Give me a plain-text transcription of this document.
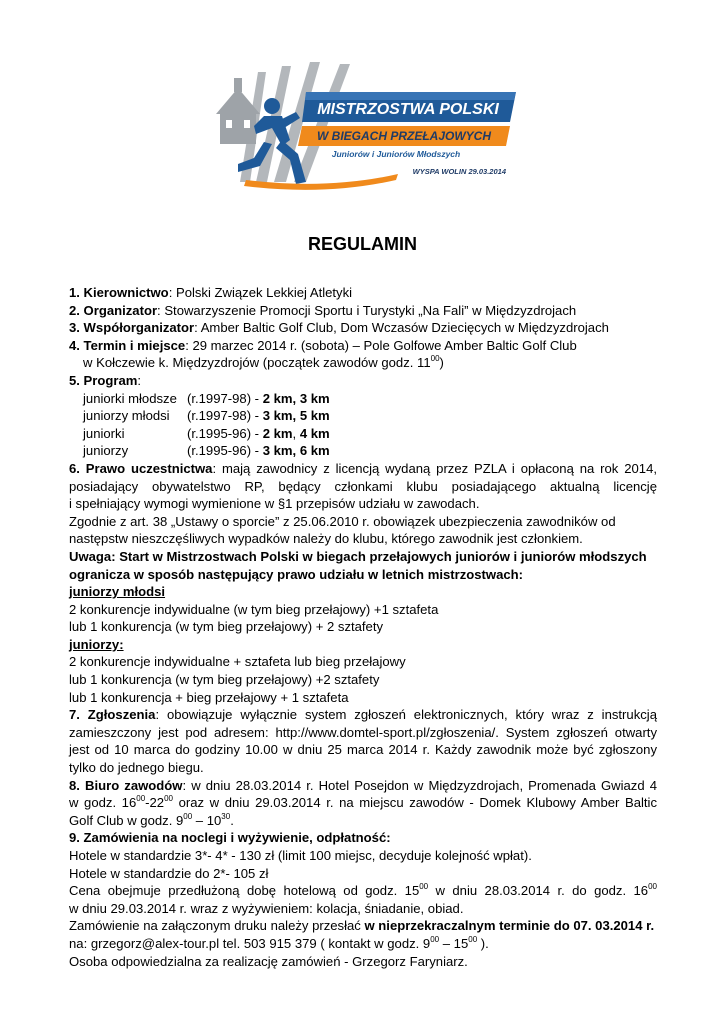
MISTRZOSTWA POLSKI
W BIEGACH PRZEŁAJOWYCH
Juniorów i Juniorów Młodszych
WYSPA WOLIN 29.03.2014
REGULAMIN
1. Kierownictwo: Polski Związek Lekkiej Atletyki
2. Organizator: Stowarzyszenie Promocji Sportu i Turystyki „Na Fali” w Międzyzdrojach
3. Współorganizator: Amber Baltic Golf Club, Dom Wczasów Dziecięcych w Międzyzdrojach
4. Termin i miejsce: 29 marzec 2014 r. (sobota) – Pole Golfowe Amber Baltic Golf Club
w Kołczewie k. Międzyzdrojów (początek zawodów godz. $11^{00}$)
5. Program:
juniorki młodsze (r.1997-98) - 2 km, 3 km
juniorzy młodsi (r.1997-98) - 3 km, 5 km
juniorki	(r.1995-96) - 2 km, 4 km
juniorzy	(r.1995-96) - 3 km, 6 km
6. Prawo uczestnictwa: mają zawodnicy z licencją wydaną przez PZLA i opłaconą na rok 2014,
posiadający obywatelstwo RP, będący członkami klubu posiadającego aktualną licencję
i spełniający wymogi wymienione w §1 przepisów udziału w zawodach.
Zgodnie z art. 38 „Ustawy o sporcie” z 25.06.2010 r. obowiązek ubezpieczenia zawodników od
następstw nieszczęśliwych wypadków należy do klubu, którego zawodnik jest członkiem.
Uwaga: Start w Mistrzostwach Polski w biegach przełajowych juniorów i juniorów młodszych
ogranicza w sposób następujący prawo udziału w letnich mistrzostwach:
juniorzy młodsi
2 konkurencje indywidualne (w tym bieg przełajowy) +1 sztafeta
lub 1 konkurencja (w tym bieg przełajowy) + 2 sztafety
juniorzy:
2 konkurencje indywidualne + sztafeta lub bieg przełajowy
lub 1 konkurencja (w tym bieg przełajowy) +2 sztafety
lub 1 konkurencja + bieg przełajowy + 1 sztafeta
7. Zgłoszenia: obowiązuje wyłącznie system zgłoszeń elektronicznych, który wraz z instrukcją
zamieszczony jest pod adresem: http://www.domtel-sport.pl/zgłoszenia/. System zgłoszeń otwarty
jest od 10 marca do godziny 10.00 w dniu 25 marca 2014 r. Każdy zawodnik może być zgłoszony
tylko do jednego biegu.
8. Biuro zawodów: w dniu 28.03.2014 r. Hotel Posejdon w Międzyzdrojach, Promenada Gwiazd 4
w godz. $16^{00}-22^{00}$ oraz w dniu 29.03.2014 r. na miejscu zawodów - Domek Klubowy Amber Baltic
Golf Club w godz. $9^{00} - 10^{30}$.
9. Zamówienia na noclegi i wyżywienie, odpłatność:
Hotele w standardzie 3*- 4* - 130 zł (limit 100 miejsc, decyduje kolejność wpłat).
Hotele w standardzie do 2*- 105 zł
Cena obejmuje przedłużoną dobę hotelową od godz. $15^{00}$ w dniu 28.03.2014 r. do godz. $16^{00}$
w dniu 29.03.2014 r. wraz z wyżywieniem: kolacja, śniadanie, obiad.
Zamówienie na załączonym druku należy przesłać w nieprzekraczalnym terminie do 07. 03.2014 r.
na: grzegorz@alex-tour.pl tel. 503 915 379 ( kontakt w godz. $9^{00} - 15^{00}$ ).
Osoba odpowiedzialna za realizację zamówień - Grzegorz Faryniarz.
